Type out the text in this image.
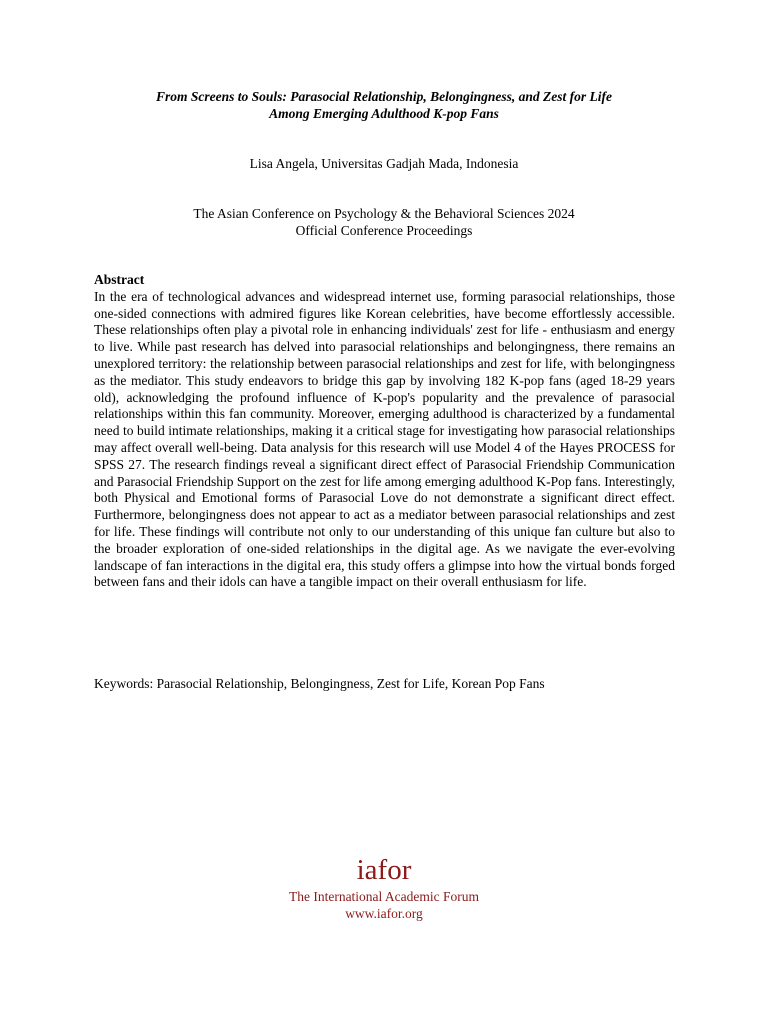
From Screens to Souls: Parasocial Relationship, Belongingness, and Zest for Life
Among Emerging Adulthood K-pop Fans
Lisa Angela, Universitas Gadjah Mada, Indonesia
The Asian Conference on Psychology & the Behavioral Sciences 2024
Official Conference Proceedings
Abstract
In the era of technological advances and widespread internet use, forming parasocial relationships, those one-sided connections with admired figures like Korean celebrities, have become effortlessly accessible. These relationships often play a pivotal role in enhancing individuals' zest for life - enthusiasm and energy to live. While past research has delved into parasocial relationships and belongingness, there remains an unexplored territory: the relationship between parasocial relationships and zest for life, with belongingness as the mediator. This study endeavors to bridge this gap by involving 182 K-pop fans (aged 18-29 years old), acknowledging the profound influence of K-pop's popularity and the prevalence of parasocial relationships within this fan community. Moreover, emerging adulthood is characterized by a fundamental need to build intimate relationships, making it a critical stage for investigating how parasocial relationships may affect overall well-being. Data analysis for this research will use Model 4 of the Hayes PROCESS for SPSS 27. The research findings reveal a significant direct effect of Parasocial Friendship Communication and Parasocial Friendship Support on the zest for life among emerging adulthood K-Pop fans. Interestingly, both Physical and Emotional forms of Parasocial Love do not demonstrate a significant direct effect. Furthermore, belongingness does not appear to act as a mediator between parasocial relationships and zest for life. These findings will contribute not only to our understanding of this unique fan culture but also to the broader exploration of one-sided relationships in the digital age. As we navigate the ever-evolving landscape of fan interactions in the digital era, this study offers a glimpse into how the virtual bonds forged between fans and their idols can have a tangible impact on their overall enthusiasm for life.
Keywords: Parasocial Relationship, Belongingness, Zest for Life, Korean Pop Fans
iafor
The International Academic Forum
www.iafor.org
